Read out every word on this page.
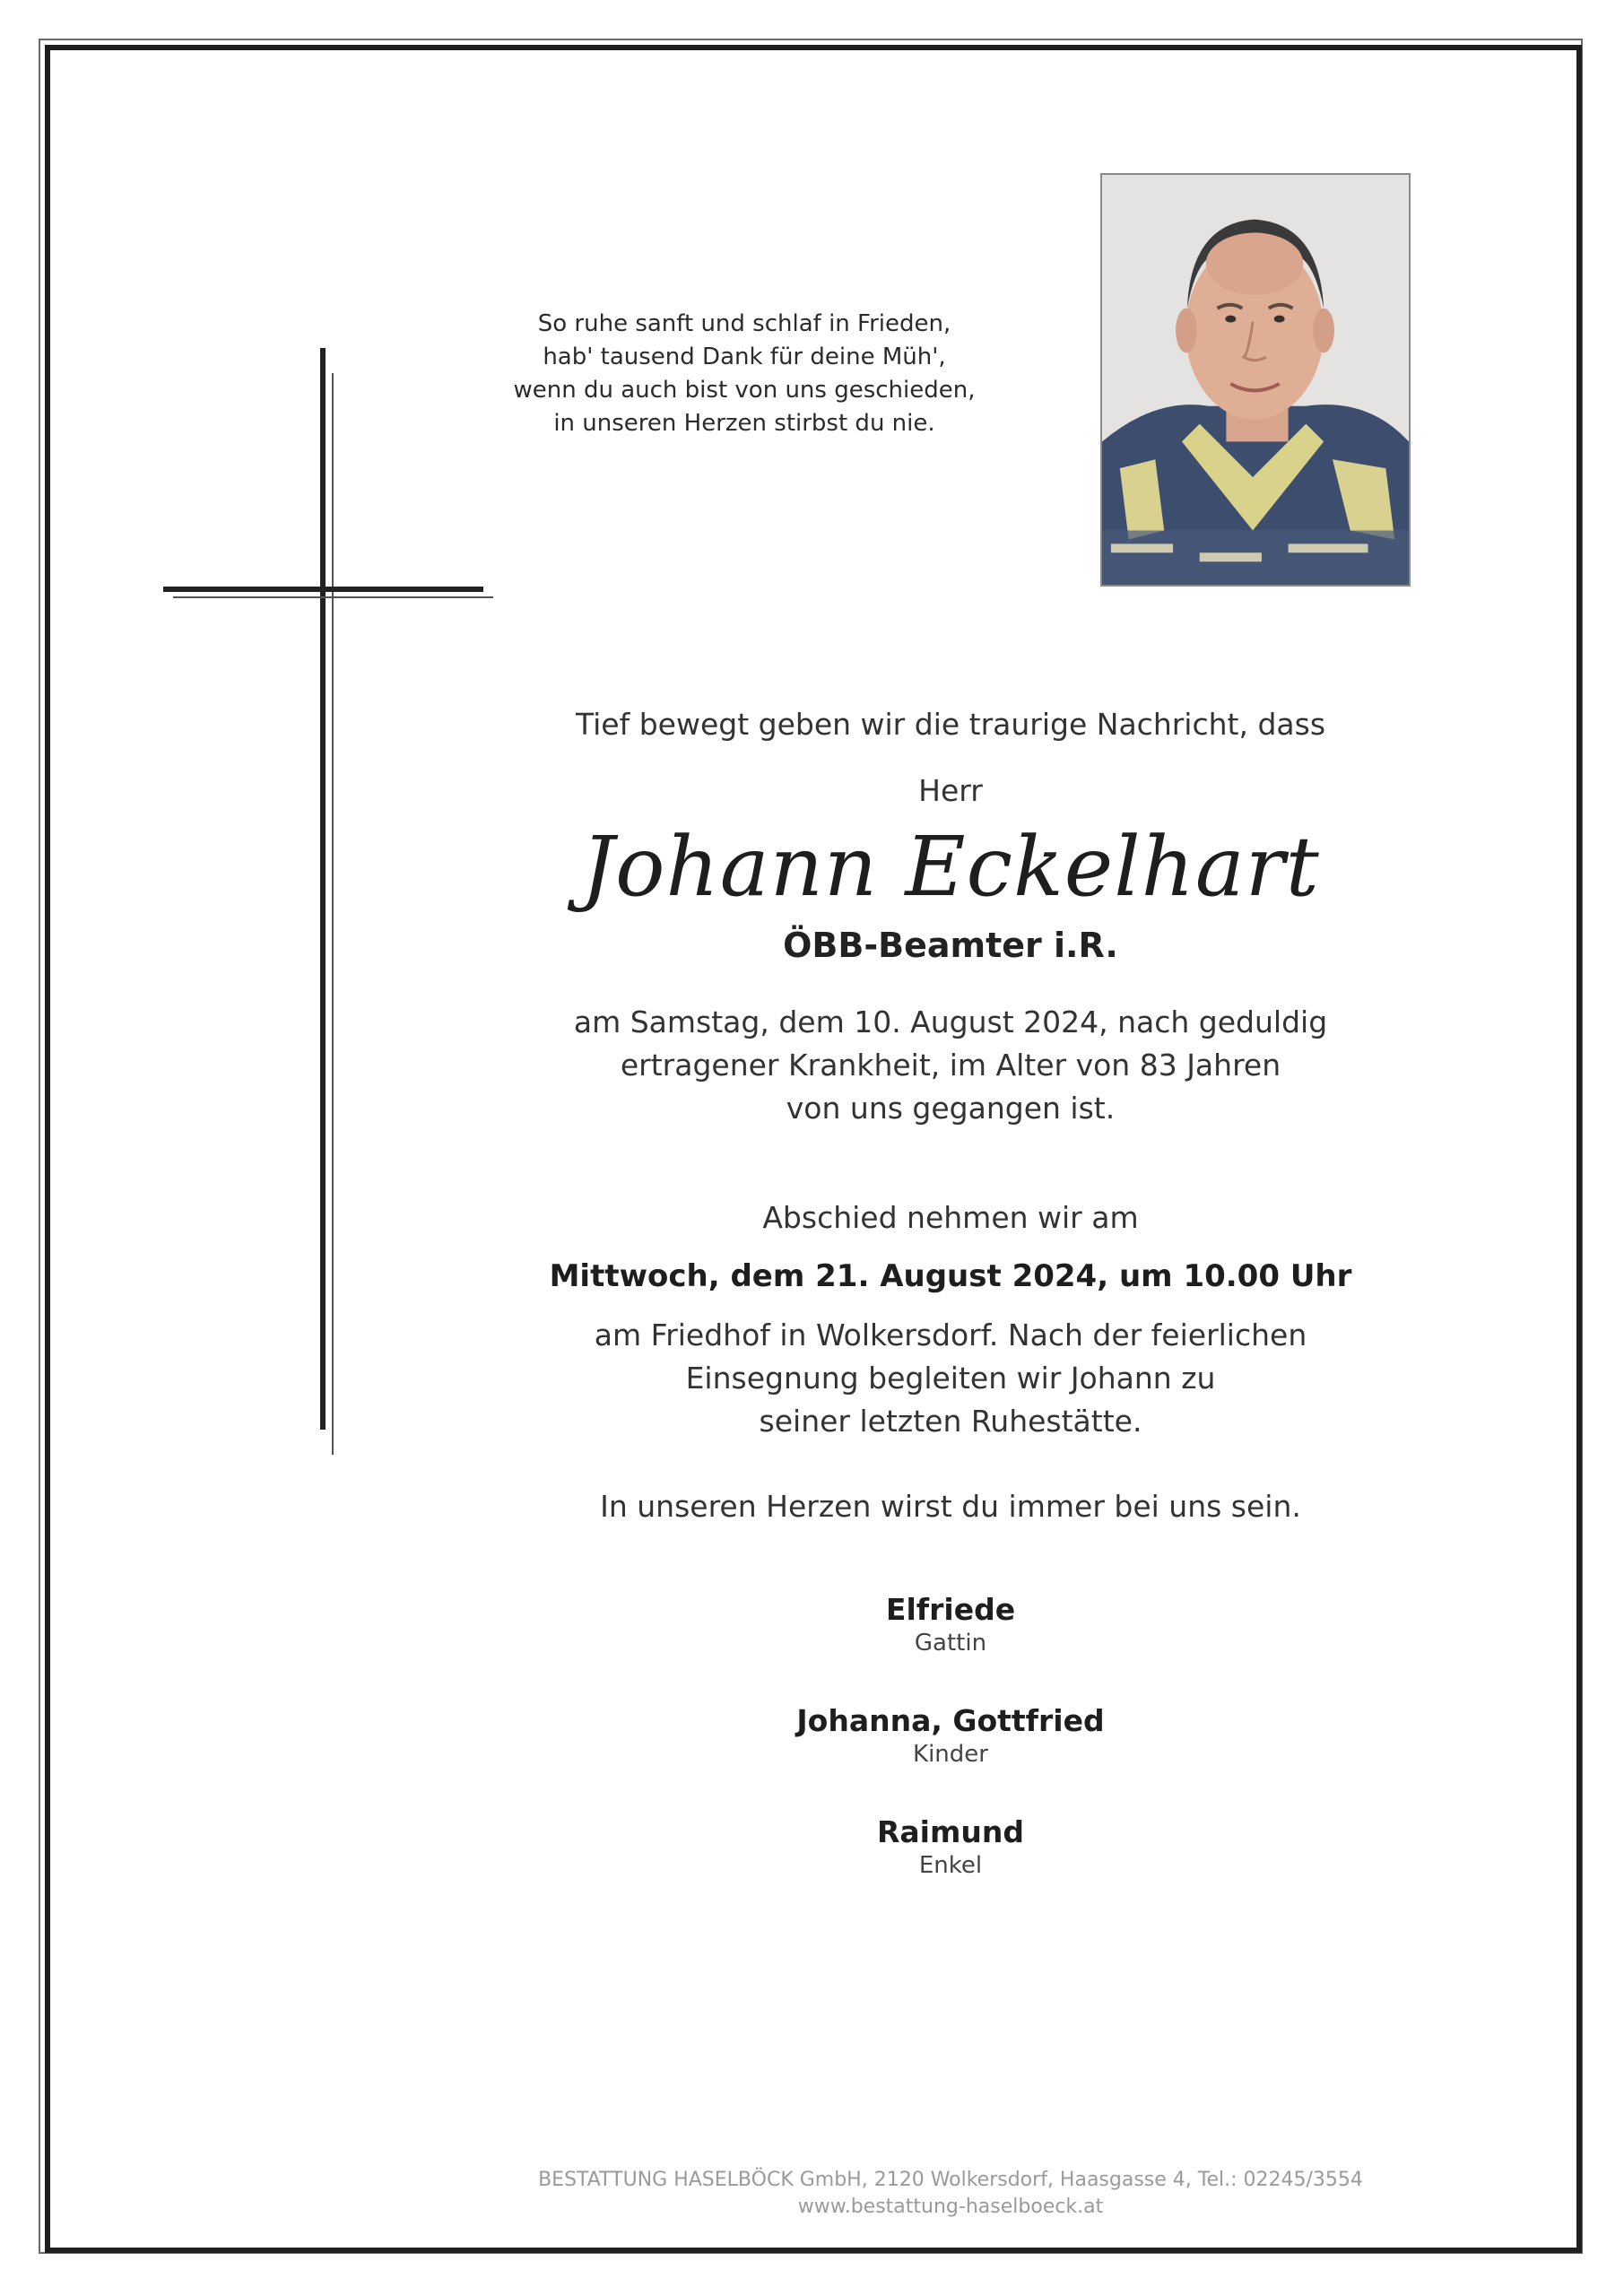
So ruhe sanft und schlaf in Frieden,
hab' tausend Dank für deine Müh',
wenn du auch bist von uns geschieden,
in unseren Herzen stirbst du nie.
Tief bewegt geben wir die traurige Nachricht, dass
Herr
Johann Eckelhart
ÖBB-Beamter i.R.
am Samstag, dem 10. August 2024, nach geduldig
ertragener Krankheit, im Alter von 83 Jahren
von uns gegangen ist.
Abschied nehmen wir am
Mittwoch, dem 21. August 2024, um 10.00 Uhr
am Friedhof in Wolkersdorf. Nach der feierlichen
Einsegnung begleiten wir Johann zu
seiner letzten Ruhestätte.
In unseren Herzen wirst du immer bei uns sein.
Elfriede
Gattin
Johanna, Gottfried
Kinder
Raimund
Enkel
BESTATTUNG HASELBÖCK GmbH, 2120 Wolkersdorf, Haasgasse 4, Tel.: 02245/3554
www.bestattung-haselboeck.at
